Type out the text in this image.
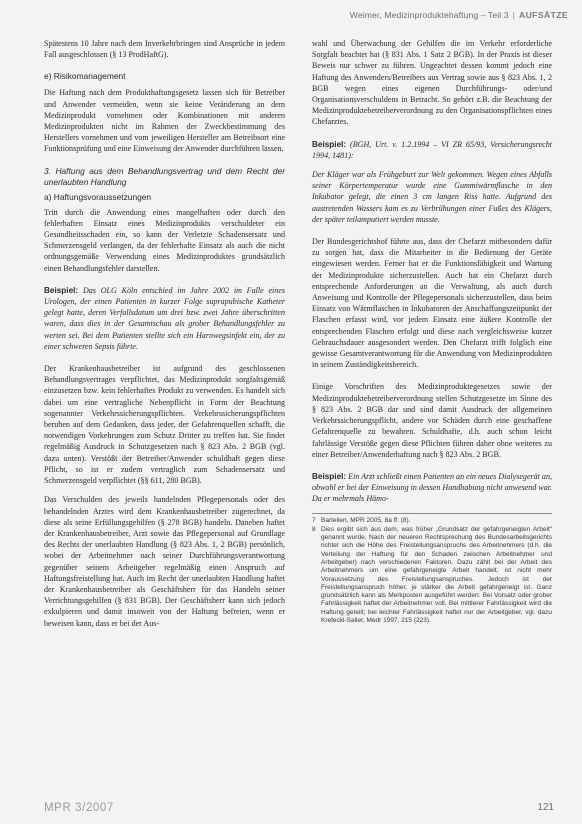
Weimer, Medizinproduktehaftung – Teil 3 | AUFSÄTZE

Spätestens 10 Jahre nach dem Inverkehrbringen sind Ansprüche in jedem Fall ausgeschlossen (§ 13 ProdHaftG).

e) Risikomanagement

Die Haftung nach dem Produkthaftungsgesetz lassen sich für Betreiber und Anwender vermeiden, wenn sie keine Veränderung an dem Medizinprodukt vornehmen oder Kombinationen mit anderen Medizinprodukten nicht im Rahmen der Zweckbestimmung des Herstellers vornehmen und vom jeweiligen Hersteller am Betreibsort eine Funktionsprüfung und eine Einweisung der Anwender durchführen lassen.

3. Haftung aus dem Behandlungsvertrag und dem Recht der unerlaubten Handlung
a) Haftungsvoraussetzungen

Tritt durch die Anwendung eines mangelhaften oder durch den fehlerhaften Einsatz eines Medizinprodukts verschuldeter ein Gesundheitsschaden ein, so kann der Verletzte Schadensersatz und Schmerzensgeld verlangen, da der fehlerhafte Einsatz als auch die nicht ordnungsgemäße Verwendung eines Medizinproduktes grundsätzlich einen Behandlungsfehler darstellen.

Beispiel: Das OLG Köln entschied im Jahre 2002 im Falle eines Urologen, der einen Patienten in kurzer Folge suprapubische Katheter gelegt hatte, deren Verfallsdatum um drei bzw. zwei Jahre überschritten waren, dass dies in der Gesamtschau als grober Behandlungsfehler zu werten sei. Bei dem Patienten stellte sich ein Harnwegsinfekt ein, der zu einer schweren Sepsis führte.

Der Krankenhausbetreiber ist aufgrund des geschlossenen Behandlungsvertrages verpflichtet, das Medizinprodukt sorgfaltsgemäß einzusetzen bzw. kein fehlerhaftes Produkt zu verwenden. Es handelt sich dabei um eine vertragliche Nebenpflicht in Form der Beachtung sogenannter Verkehrssicherungspflichten. Verkehrssicherungspflichten beruhen auf dem Gedanken, dass jeder, der Gefahrenquellen schafft, die notwendigen Vorkehrungen zum Schutz Dritter zu treffen hat. Sie findet regelmäßig Ausdruck in Schutzgesetzen nach § 823 Abs. 2 BGB (vgl. dazu unten). Verstößt der Betreiber/Anwender schuldhaft gegen diese Pflicht, so ist er zudem vertraglich zum Schadensersatz und Schmerzensgeld verpflichtet (§§ 611, 280 BGB).

Das Verschulden des jeweils handelnden Pflegepersonals oder des behandelnden Arztes wird dem Krankenhausbetreiber zugerechnet, da diese als seine Erfüllungsgehilfen (§ 278 BGB) handeln. Daneben haftet der Krankenhausbetreiber, Arzt sowie das Pflegepersonal auf Grundlage des Rechts der unerlaubten Handlung (§ 823 Abs. 1, 2 BGB) persönlich, wobei der Arbeitnehmer nach seiner Durchführungsverantwortung gegenüber seinem Arbeitgeber regelmäßig einen Anspruch auf Haftungsfreistellung hat. Auch im Recht der unerlaubten Handlung haftet der Krankenhausbetreiber als Geschäftsherr für das Handeln seiner Verrichtungsgehilfen (§ 831 BGB). Der Geschäftsherr kann sich jedoch exkulpieren und damit insoweit von der Haftung befreien, wenn er beweisen kann, dass er bei der Aus-

wahl und Überwachung der Gehilfen die im Verkehr erforderliche Sorgfalt beachtet hat (§ 831 Abs. 1 Satz 2 BGB). In der Praxis ist dieser Beweis nur schwer zu führen. Ungeachtet dessen kommt jedoch eine Haftung des Anwenders/Betreibers aus Vertrag sowie aus § 823 Abs. 1, 2 BGB wegen eines eigenen Durchführungs- oder/und Organisationsverschuldens in Betracht. So gehört z.B. die Beachtung der Medizinproduktebetreiberverordnung zu den Organisationspflichten eines Chefarztes.

Beispiel: (BGH, Urt. v. 1.2.1994 – VI ZR 65/93, Versicherungsrecht 1994, 1481):

Der Kläger war als Frühgeburt zur Welt gekommen. Wegen eines Abfalls seiner Körpertemperatur wurde eine Gummiwärmflasche in den Inkubator gelegt, die einen 3 cm langen Riss hatte. Aufgrund des austretenden Wassers kam es zu Verbrühungen einer Fußes des Klägers, der später teilamputiert werden musste.

Der Bundesgerichtshof führte aus, dass der Chefarzt mitbesonders dafür zu sorgen hat, dass die Mitarbeiter in die Bedienung der Geräte eingewiesen werden. Ferner hat er die Funktionsfähigkeit und Wartung der Medizinprodukte sicherzustellen. Auch hat ein Chefarzt durch entsprechende Anforderungen an die Verwaltung, als auch durch Anweisung und Kontrolle der Pflegepersonals sicherzustellen, dass beim Einsatz von Wärmflaschen in Inkubatoren der Anschaffungszeitpunkt der Flaschen erfasst wird, vor jedem Einsatz eine äußere Kontrolle der entsprechenden Flaschen erfolgt und diese nach vergleichsweise kurzer Gebrauchsdauer ausgesondert werden. Den Chefarzt trifft folglich eine gewisse Gesamtverantwortung für die Anwendung von Medizinprodukten in seinem Zuständigkeitsbereich.

Einige Vorschriften des Medizinproduktegesetzes sowie der Medizinproduktebetreiberverordnung stellen Schutzgesetze im Sinne des § 823 Abs. 2 BGB dar und sind damit Ausdruck der allgemeinen Verkehrssicherungspflicht, andere vor Schäden durch eine geschaffene Gefahrenquelle zu bewahren. Schuldhafte, d.h. auch schon leicht fahrlässige Verstöße gegen diese Pflichten führen daher ohne weiteres zu einer Betreiber/Anwenderhaftung nach § 823 Abs. 2 BGB.

Beispiel: Ein Arzt schließt einen Patienten an ein neues Dialysegerät an, obwohl er bei der Einweisung in dessen Handhabung nicht anwesend war. Da er mehrmals Hämo-

7 Bartelien, MPR 2005, 8a ff. (8).
8 Dies ergibt sich aus dem, was früher „Grundsatz der gefahrgeneigten Arbeit“ genannt wurde. Nach der neueren Rechtsprechung des Bundesarbeitsgerichts richtet sich die Höhe des Freistellungsanspruchs des Arbeitnehmers (d.h. die Verteilung der Haftung für den Schaden zwischen Arbeitnehmer und Arbeitgeber) nach verschiedenen Faktoren. Dazu zählt bei der Arbeit des Arbeitnehmers um eine gefahrgeneigte Arbeit handelt, ist nicht mehr Voraussetzung des Freistellungsanspruches. Jedoch ist der Freistellungsanspruch höher, je stärker die Arbeit gefahrgeneigt ist. Ganz grundsätzlich kann als Merkposten ausgeführt werden: Bei Vorsatz oder grober Fahrlässigkeit haftet der Arbeitnehmer voll. Bei mittlerer Fahrlässigkeit wird die Haftung geteilt; bei leichter Fahrlässigkeit haftet nur der Arbeitgeber, vgl. dazu Krefeckl-Saller, Medr 1997, 215 (223).
MPR 3/2007	121
